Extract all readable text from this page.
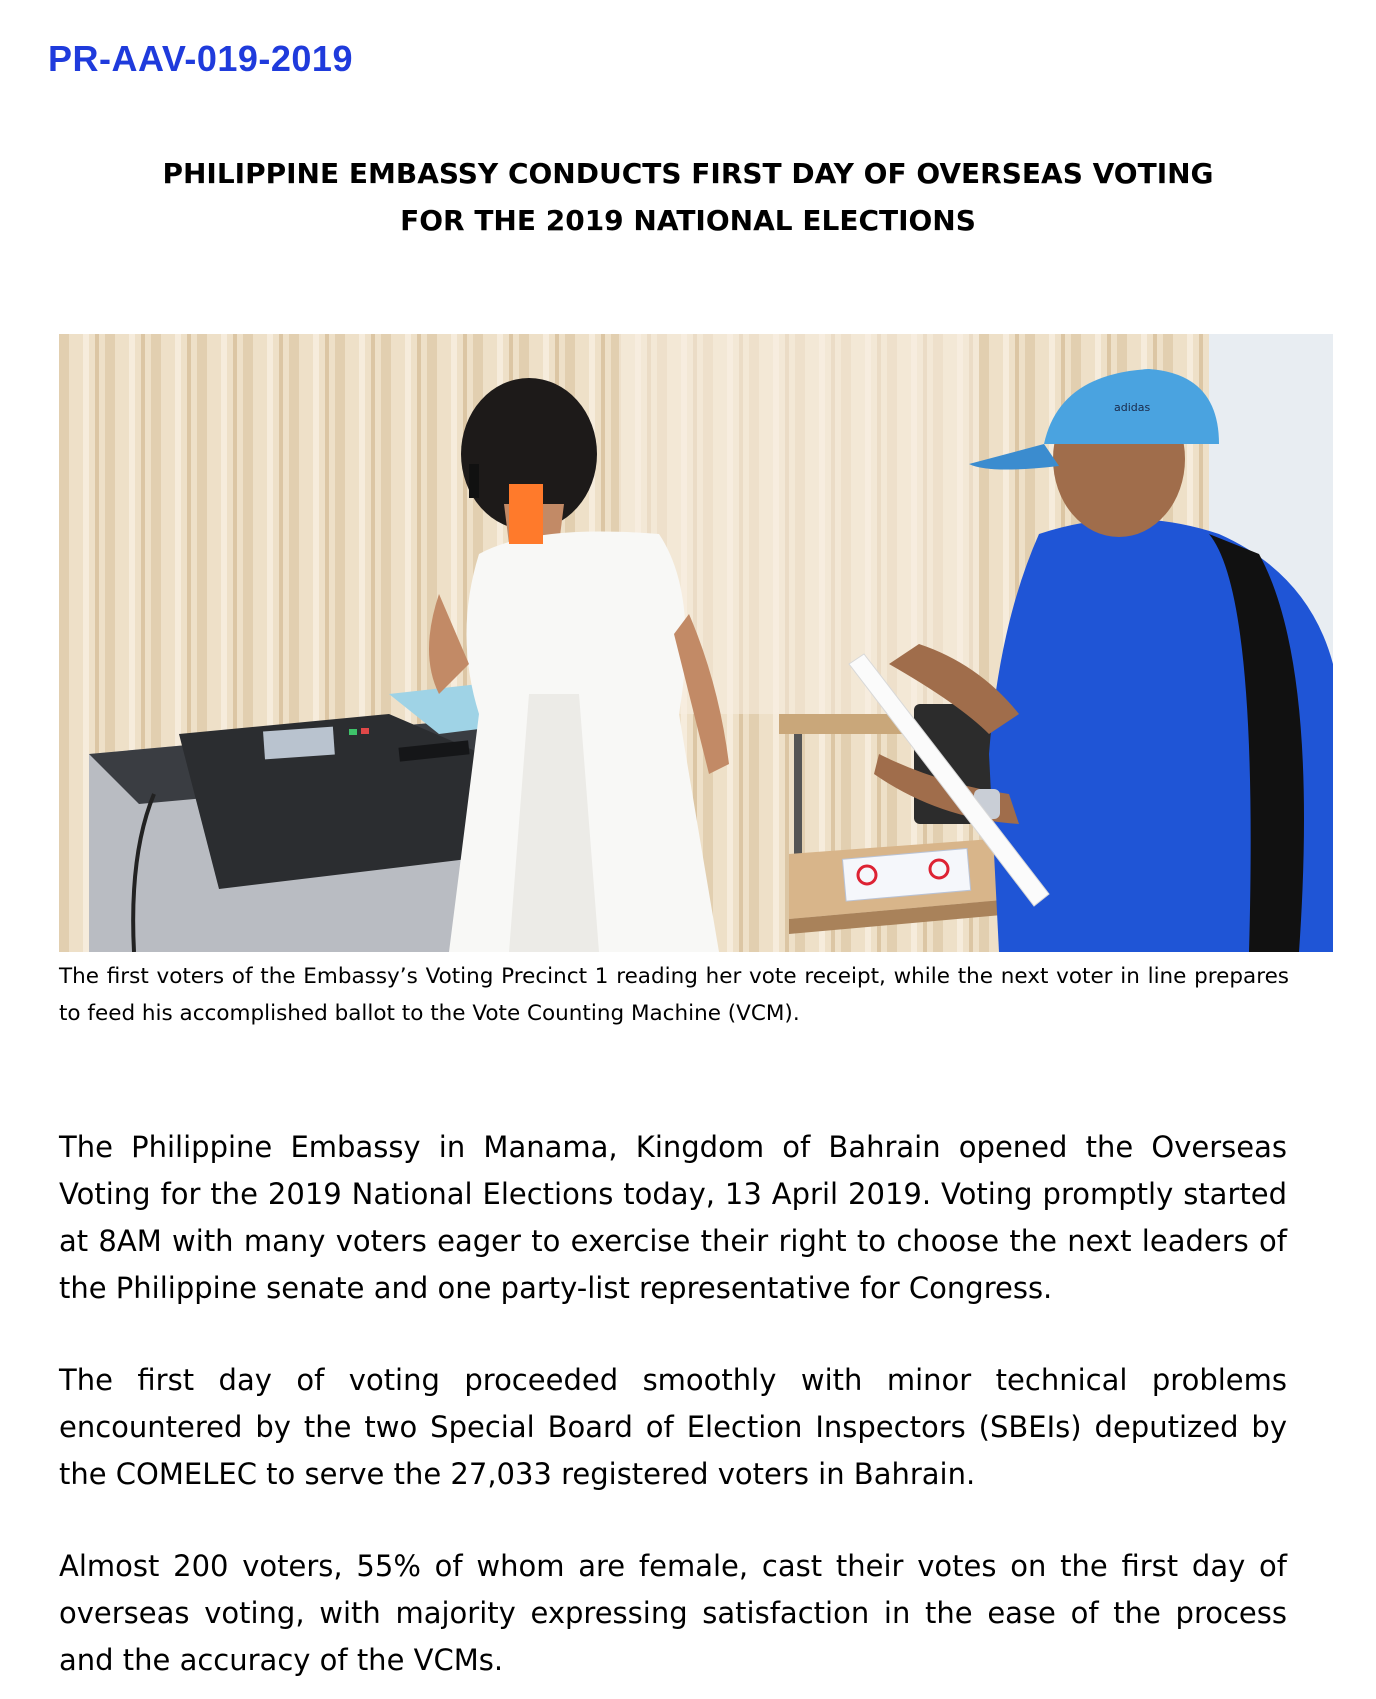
PR-AAV-019-2019
PHILIPPINE EMBASSY CONDUCTS FIRST DAY OF OVERSEAS VOTING
FOR THE 2019 NATIONAL ELECTIONS
adidas
The first voters of the Embassy’s Voting Precinct 1 reading her vote receipt, while the next voter in line prepares to feed his accomplished ballot to the Vote Counting Machine (VCM).
The Philippine Embassy in Manama, Kingdom of Bahrain opened the Overseas Voting for the 2019 National Elections today, 13 April 2019. Voting promptly started at 8AM with many voters eager to exercise their right to choose the next leaders of the Philippine senate and one party-list representative for Congress.
The first day of voting proceeded smoothly with minor technical problems encountered by the two Special Board of Election Inspectors (SBEIs) deputized by the COMELEC to serve the 27,033 registered voters in Bahrain.
Almost 200 voters, 55% of whom are female, cast their votes on the first day of overseas voting, with majority expressing satisfaction in the ease of the process and the accuracy of the VCMs.
